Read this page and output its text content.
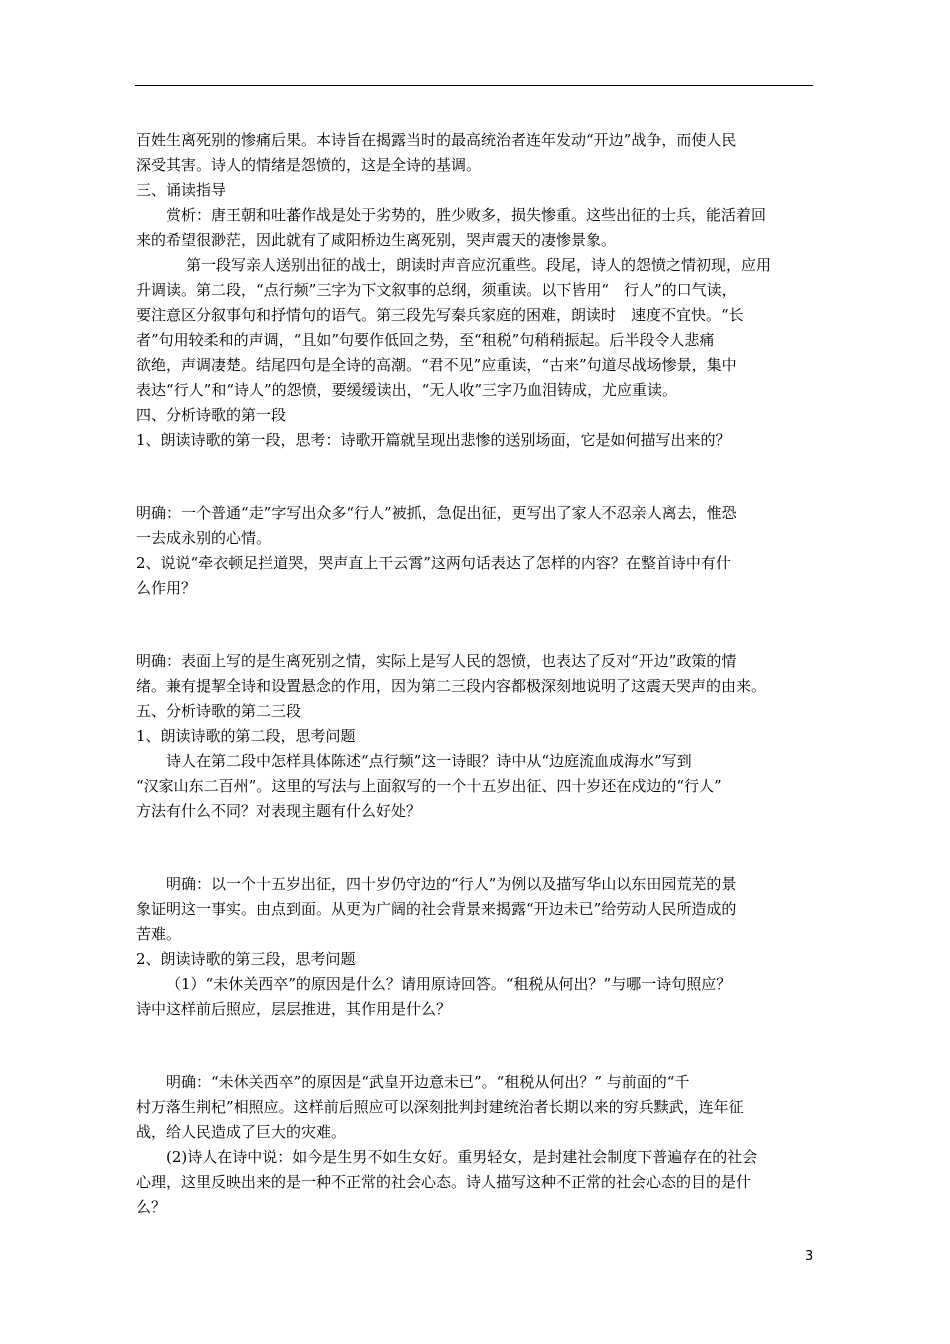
百姓生离死别的惨痛后果。本诗旨在揭露当时的最高统治者连年发动“开边”战争，而使人民
深受其害。诗人的情绪是怨愤的，这是全诗的基调。
三、诵读指导
赏析：唐王朝和吐蕃作战是处于劣势的，胜少败多，损失惨重。这些出征的士兵，能活着回
来的希望很渺茫，因此就有了咸阳桥边生离死别，哭声震天的凄惨景象。
第一段写亲人送别出征的战士，朗读时声音应沉重些。段尾，诗人的怨愤之情初现，应用
升调读。第二段，“点行频”三字为下文叙事的总纲，须重读。以下皆用“　行人”的口气读，
要注意区分叙事句和抒情句的语气。第三段先写秦兵家庭的困难，朗读时　速度不宜快。“长
者”句用较柔和的声调，“且如”句要作低回之势，至“租税”句稍稍振起。后半段令人悲痛
欲绝，声调凄楚。结尾四句是全诗的高潮。“君不见”应重读，“古来”句道尽战场惨景，集中
表达“行人”和“诗人”的怨愤，要缓缓读出，“无人收”三字乃血泪铸成，尤应重读。
四、分析诗歌的第一段
1、朗读诗歌的第一段，思考：诗歌开篇就呈现出悲惨的送别场面，它是如何描写出来的？
明确：一个普通“走”字写出众多“行人”被抓，急促出征，更写出了家人不忍亲人离去，惟恐
一去成永别的心情。
2、说说“牵衣顿足拦道哭，哭声直上干云霄”这两句话表达了怎样的内容？在整首诗中有什
么作用？
明确：表面上写的是生离死别之情，实际上是写人民的怨愤，也表达了反对“开边”政策的情
绪。兼有提挈全诗和设置悬念的作用，因为第二三段内容都极深刻地说明了这震天哭声的由来。
五、分析诗歌的第二三段
1、朗读诗歌的第二段，思考问题
诗人在第二段中怎样具体陈述“点行频”这一诗眼？诗中从“边庭流血成海水”写到
“汉家山东二百州”。这里的写法与上面叙写的一个十五岁出征、四十岁还在戍边的“行人”
方法有什么不同？对表现主题有什么好处？
明确：以一个十五岁出征，四十岁仍守边的“行人”为例以及描写华山以东田园荒芜的景
象证明这一事实。由点到面。从更为广阔的社会背景来揭露“开边未已”给劳动人民所造成的
苦难。
2、朗读诗歌的第三段，思考问题
（1）“未休关西卒”的原因是什么？请用原诗回答。“租税从何出？”与哪一诗句照应？
诗中这样前后照应，层层推进，其作用是什么？
明确：“未休关西卒”的原因是“武皇开边意未已”。“租税从何出？” 与前面的“千
村万落生荆杞”相照应。这样前后照应可以深刻批判封建统治者长期以来的穷兵黩武，连年征
战，给人民造成了巨大的灾难。
(2)诗人在诗中说：如今是生男不如生女好。重男轻女，是封建社会制度下普遍存在的社会
心理，这里反映出来的是一种不正常的社会心态。诗人描写这种不正常的社会心态的目的是什
么？
3
